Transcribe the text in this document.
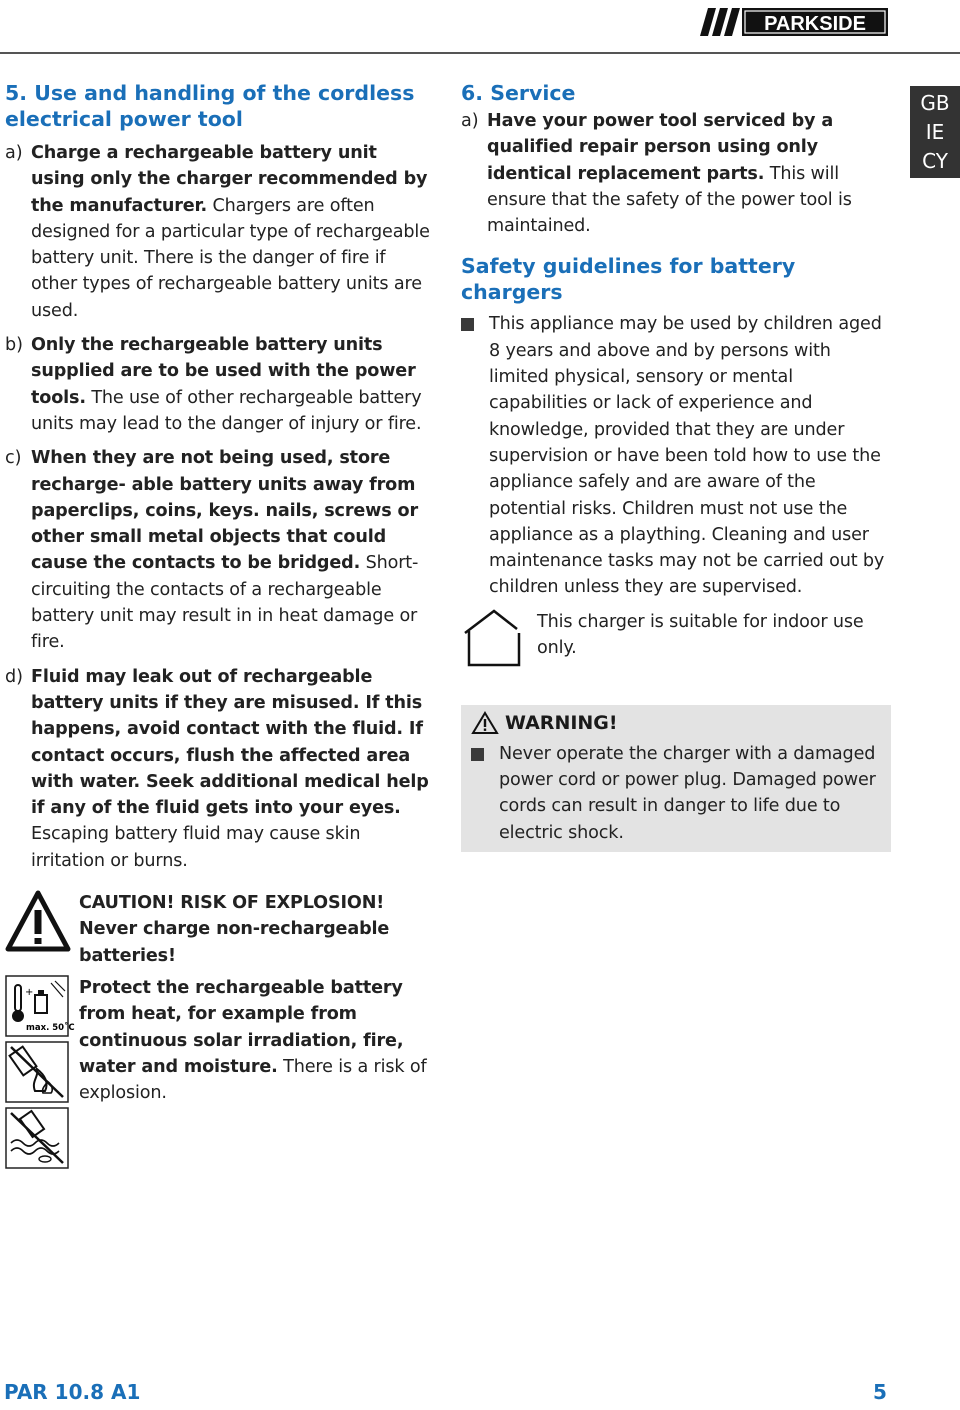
PARKSIDE
GB
IE
CY
5. Use and handling of the cordless electrical power tool
a) Charge a rechargeable battery unit using only the charger recommended by the manufacturer. Chargers are often designed for a particular type of rechargeable battery unit. There is the danger of fire if other types of rechargeable battery units are used.
b) Only the rechargeable battery units supplied are to be used with the power tools. The use of other rechargeable battery units may lead to the danger of injury or fire.
c) When they are not being used, store recharge- able battery units away from paperclips, coins, keys. nails, screws or other small metal objects that could cause the contacts to be bridged. Short-circuiting the contacts of a rechargeable battery unit may result in in heat damage or fire.
d) Fluid may leak out of rechargeable battery units if they are misused. If this happens, avoid contact with the fluid. If contact occurs, flush the affected area with water. Seek additional medical help if any of the fluid gets into your eyes. Escaping battery fluid may cause skin irritation or burns.
CAUTION! RISK OF EXPLOSION! Never charge non-rechargeable batteries!
+
max. 50˚C
Protect the rechargeable battery from heat, for example from continuous solar irradiation, fire, water and moisture. There is a risk of explosion.
6. Service
a) Have your power tool serviced by a qualified repair person using only identical replacement parts. This will ensure that the safety of the power tool is maintained.
Safety guidelines for battery chargers
This appliance may be used by children aged 8 years and above and by persons with limited physical, sensory or mental capabilities or lack of experience and knowledge, provided that they are under supervision or have been told how to use the appliance safely and are aware of the potential risks. Children must not use the appliance as a plaything. Cleaning and user maintenance tasks may not be carried out by children unless they are supervised.
This charger is suitable for indoor use only.
WARNING!
Never operate the charger with a damaged power cord or power plug. Damaged power cords can result in danger to life due to electric shock.
PAR 10.8 A1	5
